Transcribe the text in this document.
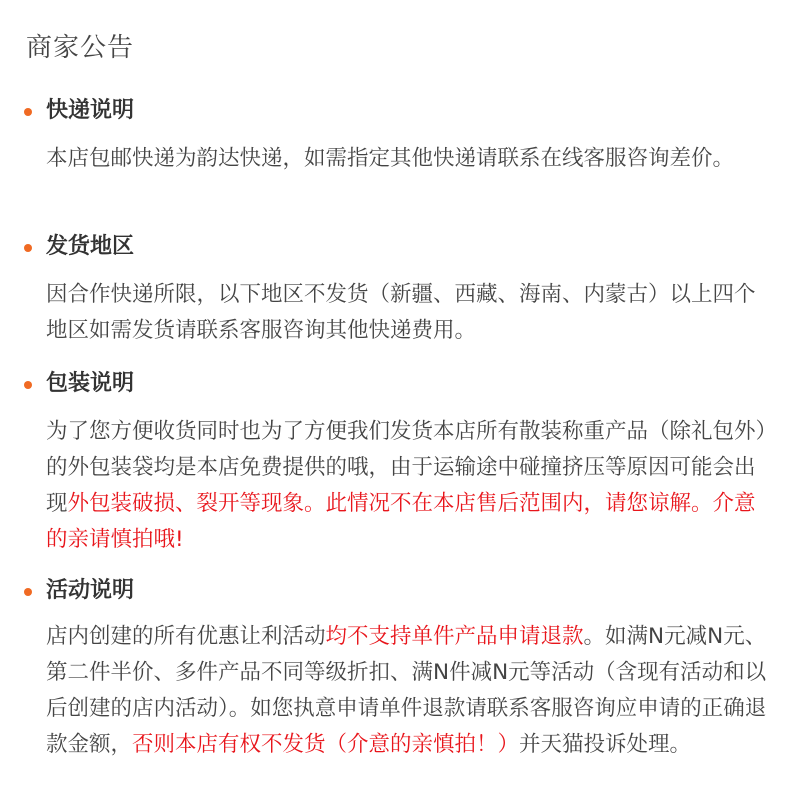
商家公告
快递说明
本店包邮快递为韵达快递，如需指定其他快递请联系在线客服咨询差价。
发货地区
因合作快递所限，以下地区不发货（新疆、西藏、海南、内蒙古）以上四个地区如需发货请联系客服咨询其他快递费用。
包装说明
为了您方便收货同时也为了方便我们发货本店所有散装称重产品（除礼包外）的外包装袋均是本店免费提供的哦，由于运输途中碰撞挤压等原因可能会出现外包装破损、裂开等现象。此情况不在本店售后范围内，请您谅解。介意的亲请慎拍哦!
活动说明
店内创建的所有优惠让利活动均不支持单件产品申请退款。如满N元减N元、第二件半价、多件产品不同等级折扣、满N件减N元等活动（含现有活动和以后创建的店内活动）。如您执意申请单件退款请联系客服咨询应申请的正确退款金额，否则本店有权不发货（介意的亲慎拍！）并天猫投诉处理。
